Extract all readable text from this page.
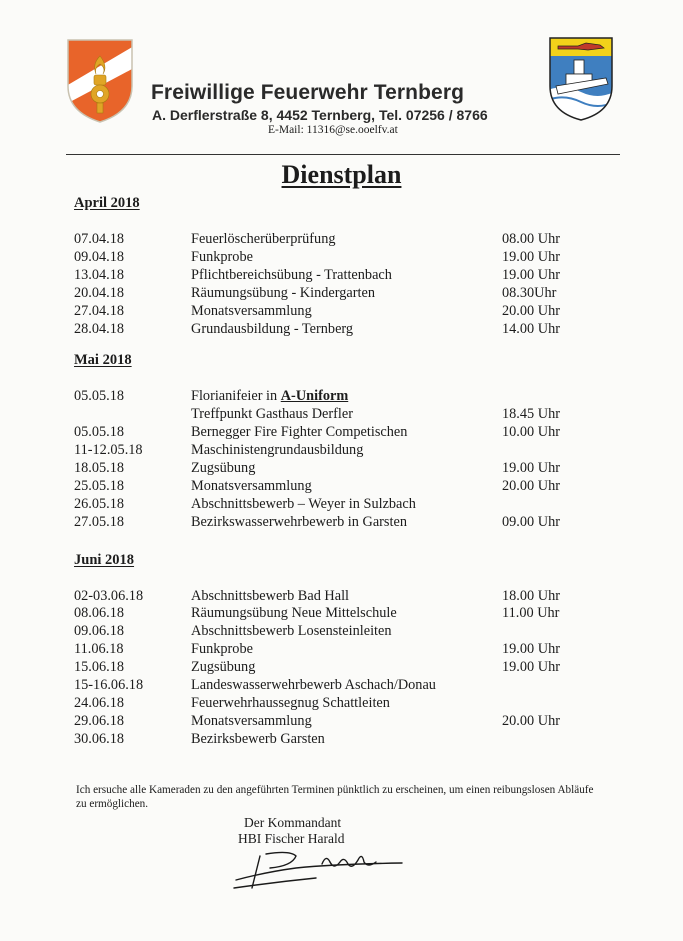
Freiwillige Feuerwehr Ternberg
A. Derflerstraße 8, 4452 Ternberg, Tel. 07256 / 8766
E-Mail: 11316@se.ooelfv.at
Dienstplan
April 2018
07.04.18	Feuerlöscherüberprüfung	08.00 Uhr
09.04.18	Funkprobe	19.00 Uhr
13.04.18	Pflichtbereichsübung - Trattenbach	19.00 Uhr
20.04.18	Räumungsübung - Kindergarten	08.30Uhr
27.04.18	Monatsversammlung	20.00 Uhr
28.04.18	Grundausbildung - Ternberg	14.00 Uhr
Mai 2018
05.05.18	Florianifeier in A-Uniform
Treffpunkt Gasthaus Derfler	18.45 Uhr
05.05.18	Bernegger Fire Fighter Competischen	10.00 Uhr
11-12.05.18	Maschinistengrundausbildung
18.05.18	Zugsübung	19.00 Uhr
25.05.18	Monatsversammlung	20.00 Uhr
26.05.18	Abschnittsbewerb – Weyer in Sulzbach
27.05.18	Bezirkswasserwehrbewerb in Garsten	09.00 Uhr
Juni 2018
02-03.06.18	Abschnittsbewerb Bad Hall	18.00 Uhr
08.06.18	Räumungsübung Neue Mittelschule	11.00 Uhr
09.06.18	Abschnittsbewerb Losensteinleiten
11.06.18	Funkprobe	19.00 Uhr
15.06.18	Zugsübung	19.00 Uhr
15-16.06.18	Landeswasserwehrbewerb Aschach/Donau
24.06.18	Feuerwehrhaussegnug Schattleiten
29.06.18	Monatsversammlung	20.00 Uhr
30.06.18	Bezirksbewerb Garsten
Ich ersuche alle Kameraden zu den angeführten Terminen pünktlich zu erscheinen, um einen reibungslosen Abläufe zu ermöglichen.
Der Kommandant
HBI Fischer Harald
